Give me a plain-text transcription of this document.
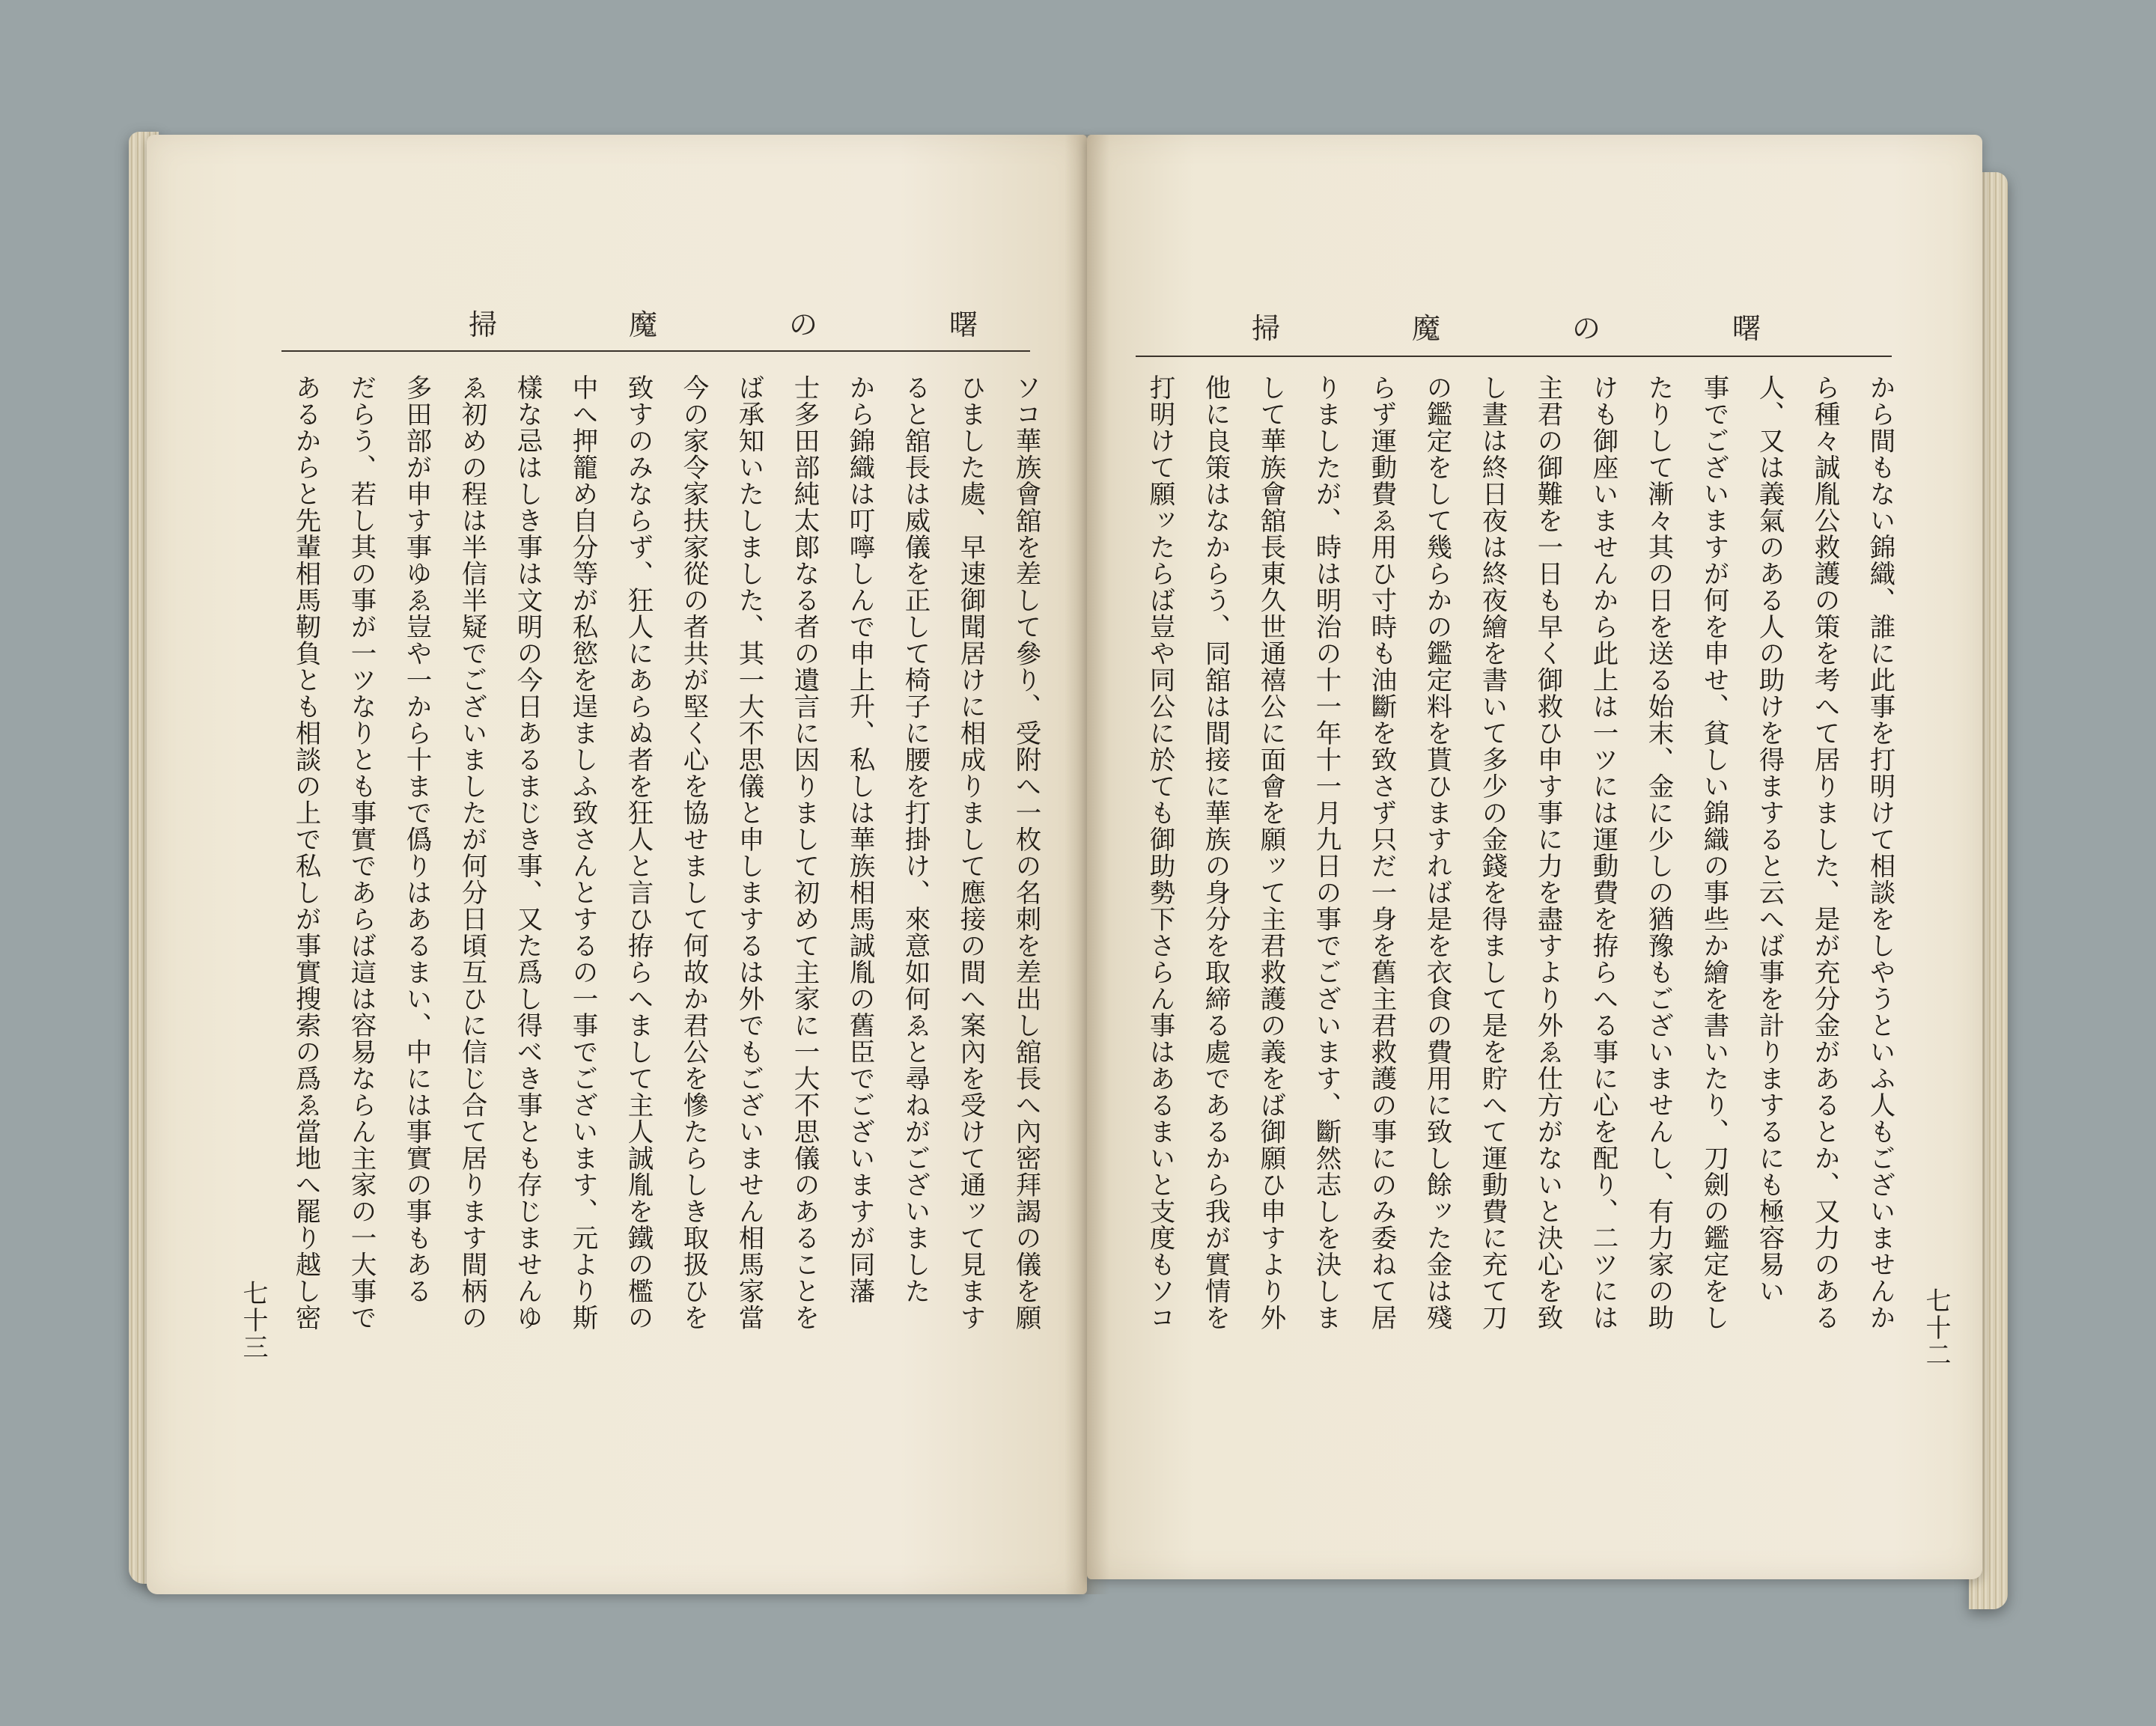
曙
の
魔
掃
ソコ華族會舘を差して參り、受附へ一枚の名刺を差出し舘長へ內密拜謁の儀を願
ひました處、早速御聞居けに相成りまして應接の間へ案內を受けて通ッて見ます
ると舘長は威儀を正して椅子に腰を打掛け、來意如何ゑと尋ねがございました
から錦織は叮嚀しんで申上升、私しは華族相馬誠胤の舊臣でございますが同藩
士多田部純太郞なる者の遺言に因りまして初めて主家に一大不思儀のあることを
ば承知いたしました、其一大不思儀と申しまするは外でもございません相馬家當
今の家令家扶家從の者共が堅く心を協せまして何故か君公を慘たらしき取扱ひを
致すのみならず、狂人にあらぬ者を狂人と言ひ拵らへまして主人誠胤を鐵の檻の
中へ押籠め自分等が私慾を逞ましふ致さんとするの一事でございます、元より斯
樣な忌はしき事は文明の今日あるまじき事、又た爲し得べき事とも存じませんゆ
ゑ初めの程は半信半疑でございましたが何分日頃互ひに信じ合て居ります間柄の
多田部が申す事ゆゑ豈や一から十まで僞りはあるまい、中には事實の事もある
だらう、若し其の事が一ツなりとも事實であらば這は容易ならん主家の一大事で
あるからと先輩相馬靭負とも相談の上で私しが事實搜索の爲ゑ當地へ罷り越し密
七十三
曙
の
魔
掃
から間もない錦織、誰に此事を打明けて相談をしやうといふ人もございませんか
ら種々誠胤公救護の策を考へて居りました、是が充分金があるとか、又力のある
人、又は義氣のある人の助けを得ますると云へば事を計りまするにも極容易い
事でございますが何を申せ、貧しい錦織の事些か繪を書いたり、刀劍の鑑定をし
たりして漸々其の日を送る始末、金に少しの猶豫もございませんし、有力家の助
けも御座いませんから此上は一ツには運動費を拵らへる事に心を配り、二ツには
主君の御難を一日も早く御救ひ申す事に力を盡すより外ゑ仕方がないと決心を致
し晝は終日夜は終夜繪を書いて多少の金錢を得まして是を貯へて運動費に充て刀
の鑑定をして幾らかの鑑定料を貰ひますれば是を衣食の費用に致し餘ッた金は殘
らず運動費ゑ用ひ寸時も油斷を致さず只だ一身を舊主君救護の事にのみ委ねて居
りましたが、時は明治の十一年十一月九日の事でございます、斷然志しを決しま
して華族會舘長東久世通禧公に面會を願ッて主君救護の義をば御願ひ申すより外
他に良策はなからう、同舘は間接に華族の身分を取締る處であるから我が實情を
打明けて願ッたらば豈や同公に於ても御助勢下さらん事はあるまいと支度もソコ	七十二
